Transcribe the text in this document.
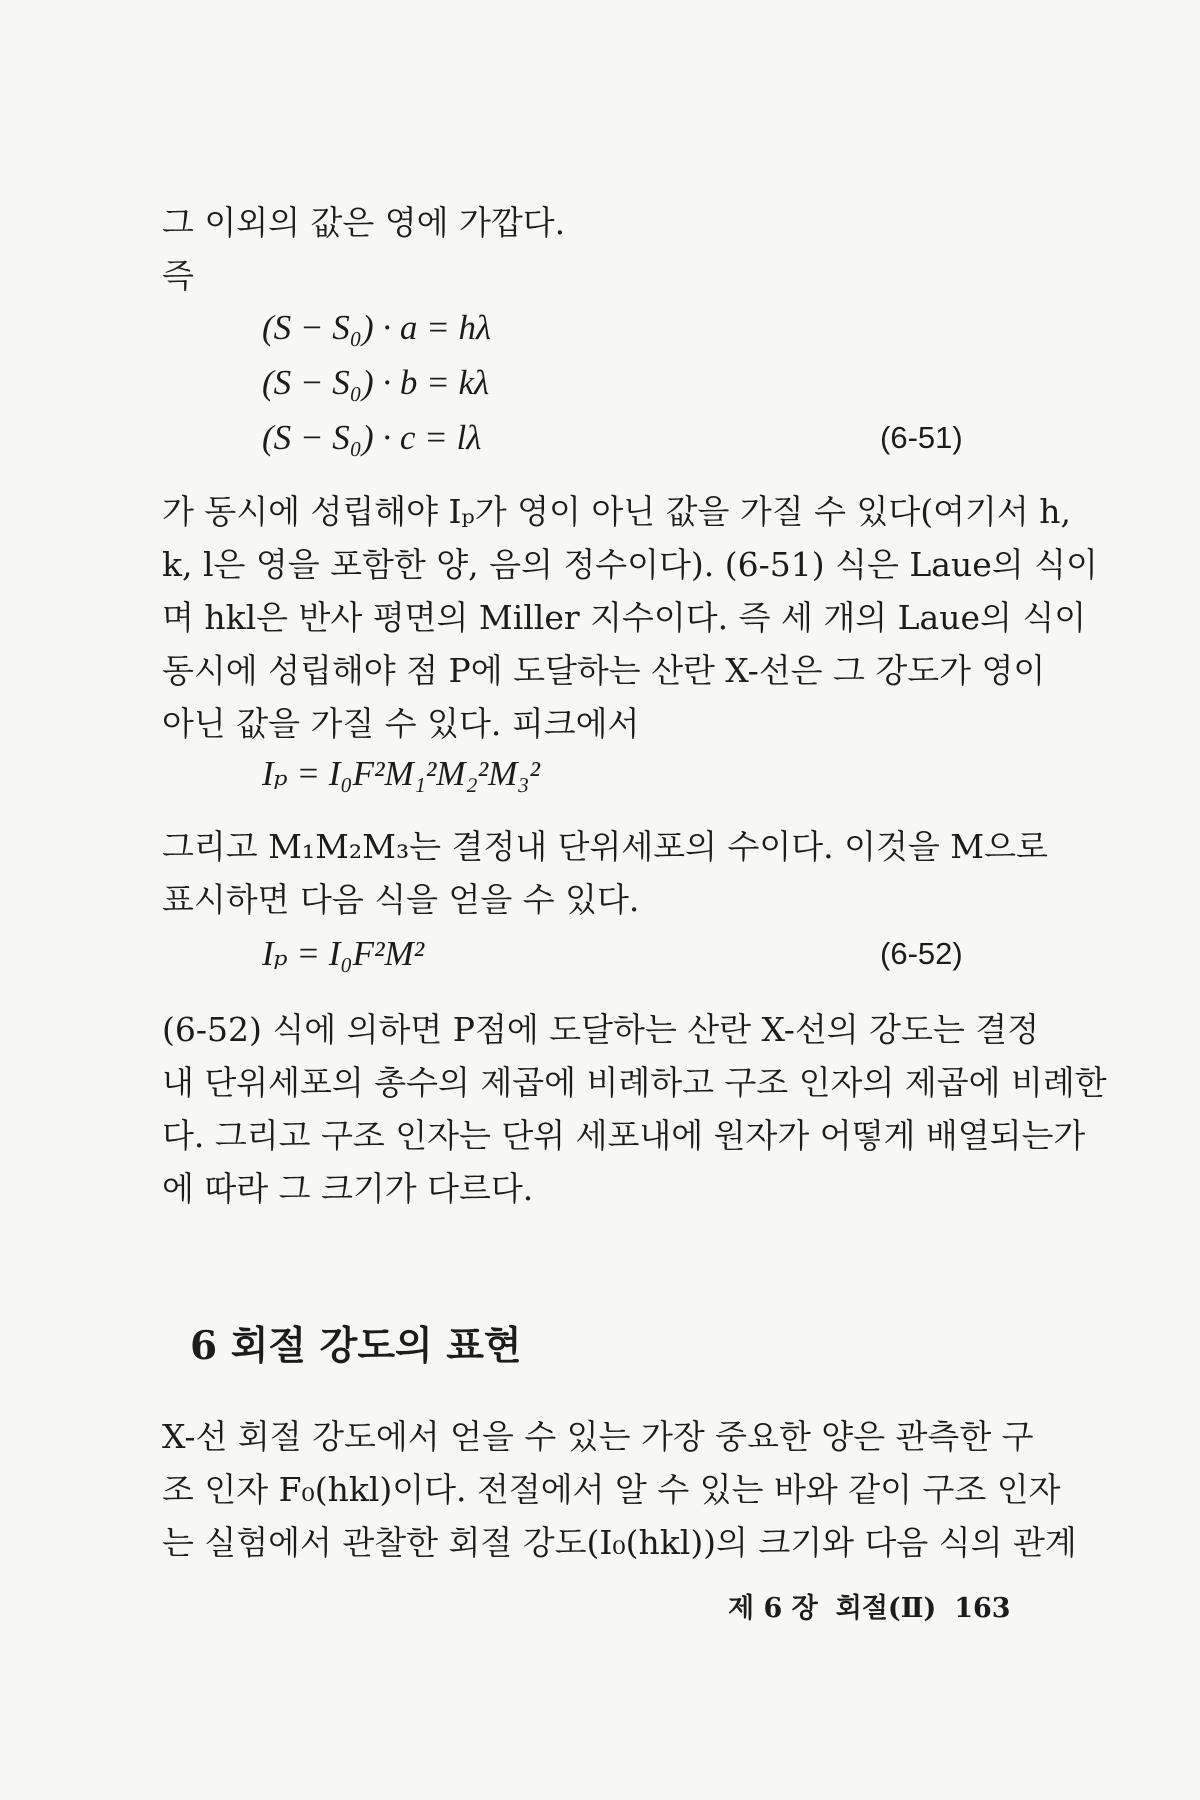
그 이외의 값은 영에 가깝다.
즉
(S − S₀) · a = hλ
(S − S₀) · b = kλ
(S − S₀) · c = lλ	(6-51)
가 동시에 성립해야 Iₚ가 영이 아닌 값을 가질 수 있다(여기서 h,
k, l은 영을 포함한 양, 음의 정수이다). (6-51) 식은 Laue의 식이
며 hkl은 반사 평면의 Miller 지수이다. 즉 세 개의 Laue의 식이
동시에 성립해야 점 P에 도달하는 산란 X-선은 그 강도가 영이
아닌 값을 가질 수 있다. 피크에서
Iₚ = I₀F²M₁²M₂²M₃²
그리고 M₁M₂M₃는 결정내 단위세포의 수이다. 이것을 M으로
표시하면 다음 식을 얻을 수 있다.
Iₚ = I₀F²M²	(6-52)
(6-52) 식에 의하면 P점에 도달하는 산란 X-선의 강도는 결정
내 단위세포의 총수의 제곱에 비례하고 구조 인자의 제곱에 비례한
다. 그리고 구조 인자는 단위 세포내에 원자가 어떻게 배열되는가
에 따라 그 크기가 다르다.
6 회절 강도의 표현
X-선 회절 강도에서 얻을 수 있는 가장 중요한 양은 관측한 구
조 인자 F₀(hkl)이다. 전절에서 알 수 있는 바와 같이 구조 인자
는 실험에서 관찰한 회절 강도(I₀(hkl))의 크기와 다음 식의 관계
제 6 장 회절(Ⅱ) 163
